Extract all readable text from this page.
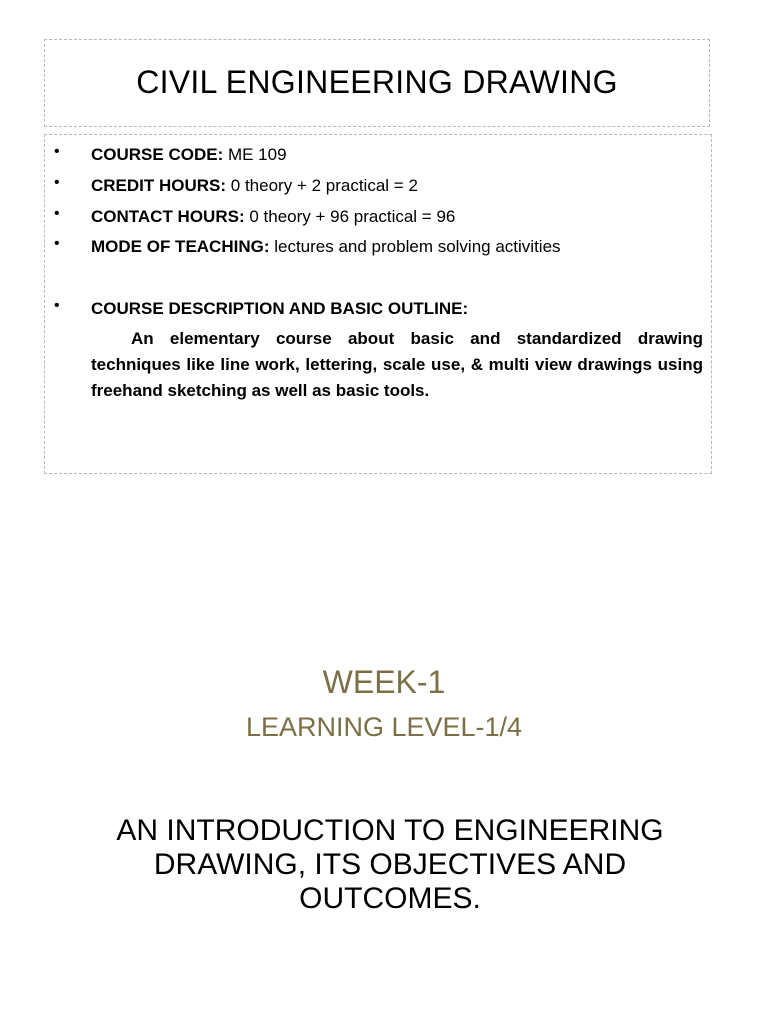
CIVIL ENGINEERING DRAWING
• COURSE CODE: ME 109
• CREDIT HOURS: 0 theory + 2 practical = 2
• CONTACT HOURS: 0 theory + 96 practical = 96
• MODE OF TEACHING: lectures and problem solving activities
• COURSE DESCRIPTION AND BASIC OUTLINE:
An elementary course about basic and standardized drawing techniques like line work, lettering, scale use, & multi view drawings using freehand sketching as well as basic tools.
WEEK-1
LEARNING LEVEL-1/4
AN INTRODUCTION TO ENGINEERING DRAWING, ITS OBJECTIVES AND OUTCOMES.
